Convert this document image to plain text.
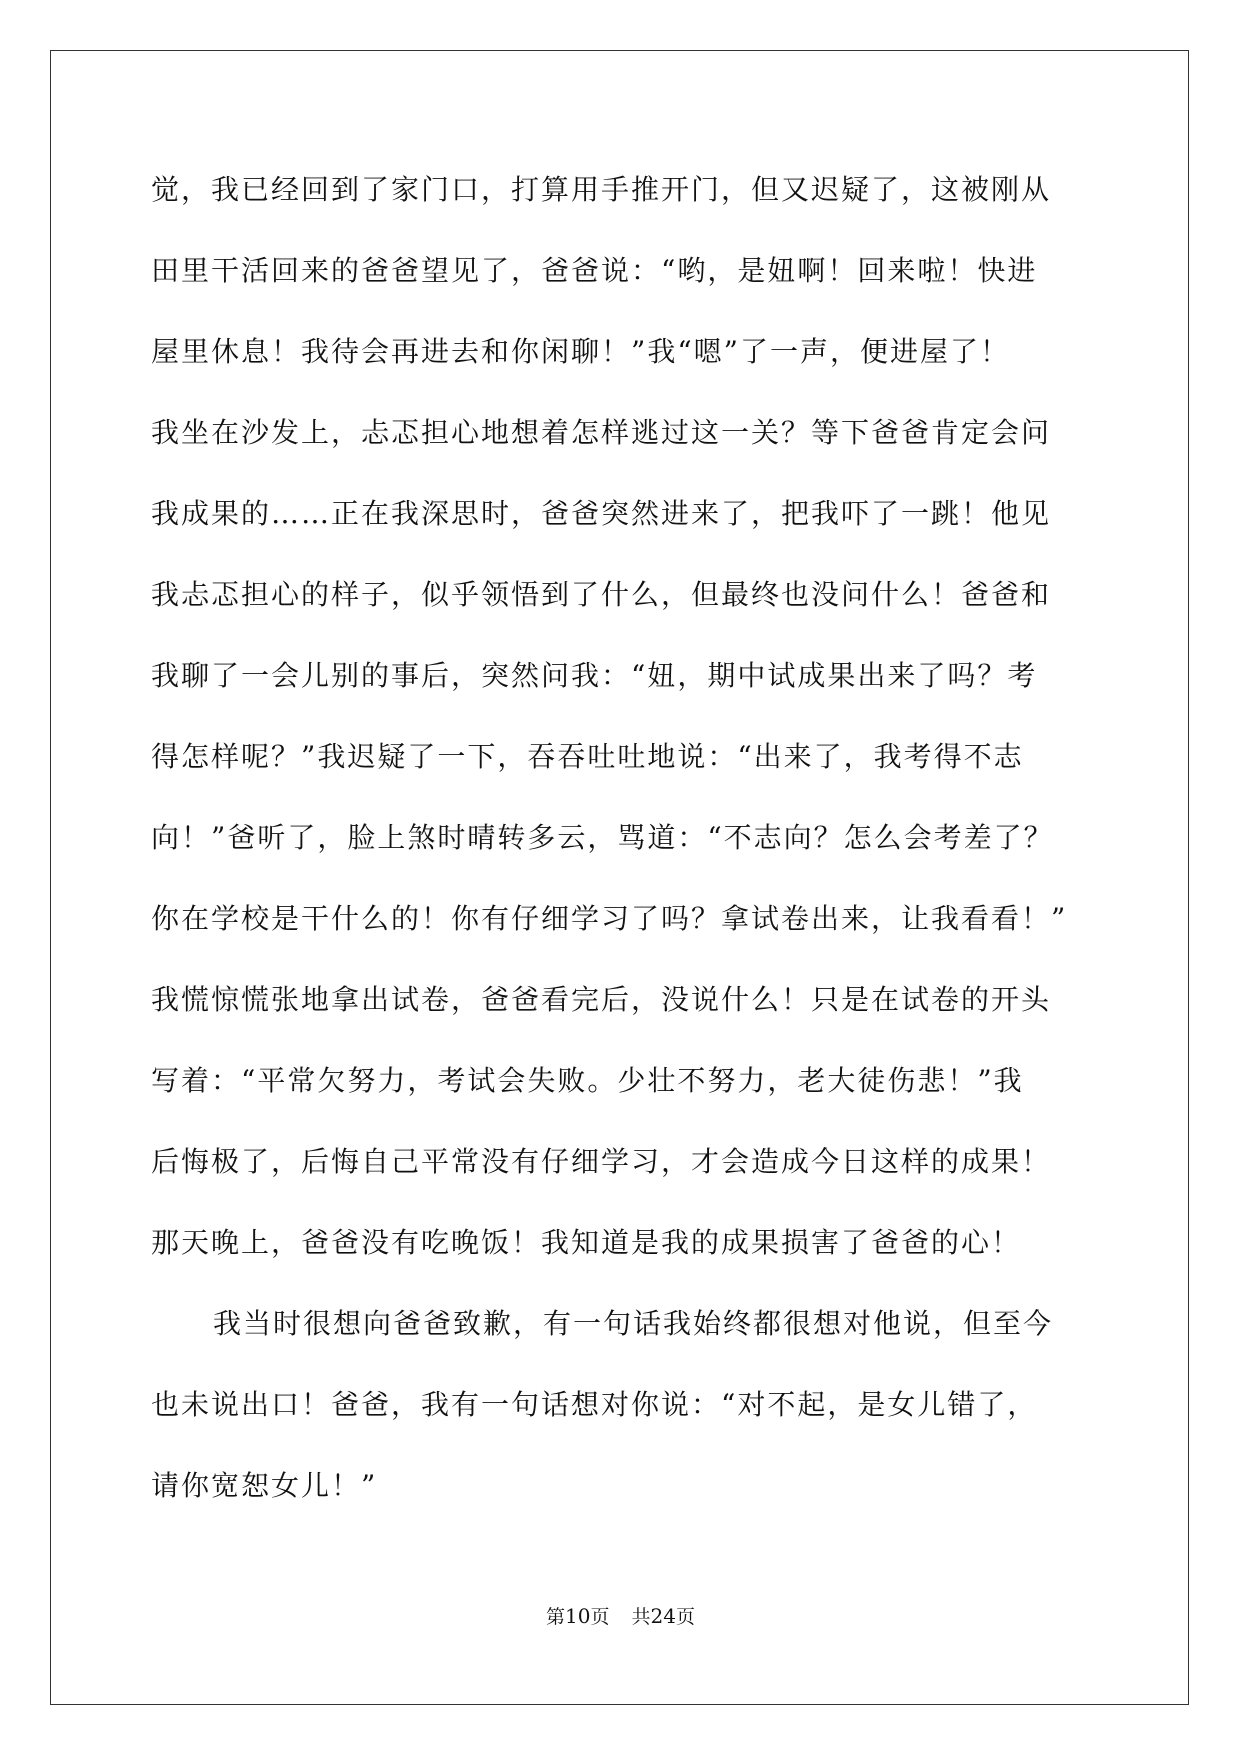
觉，我已经回到了家门口，打算用手推开门，但又迟疑了，这被刚从
田里干活回来的爸爸望见了，爸爸说：“哟，是妞啊！回来啦！快进
屋里休息！我待会再进去和你闲聊！”我“嗯”了一声，便进屋了！
我坐在沙发上，忐忑担心地想着怎样逃过这一关？等下爸爸肯定会问
我成果的……正在我深思时，爸爸突然进来了，把我吓了一跳！他见
我忐忑担心的样子，似乎领悟到了什么，但最终也没问什么！爸爸和
我聊了一会儿别的事后，突然问我：“妞，期中试成果出来了吗？考
得怎样呢？”我迟疑了一下，吞吞吐吐地说：“出来了，我考得不志
向！”爸听了，脸上煞时晴转多云，骂道：“不志向？怎么会考差了？
你在学校是干什么的！你有仔细学习了吗？拿试卷出来，让我看看！”
我慌惊慌张地拿出试卷，爸爸看完后，没说什么！只是在试卷的开头
写着：“平常欠努力，考试会失败。少壮不努力，老大徒伤悲！”我
后悔极了，后悔自己平常没有仔细学习，才会造成今日这样的成果！
那天晚上，爸爸没有吃晚饭！我知道是我的成果损害了爸爸的心！
我当时很想向爸爸致歉，有一句话我始终都很想对他说，但至今
也未说出口！爸爸，我有一句话想对你说：“对不起，是女儿错了，
请你宽恕女儿！”
第10页 共24页
